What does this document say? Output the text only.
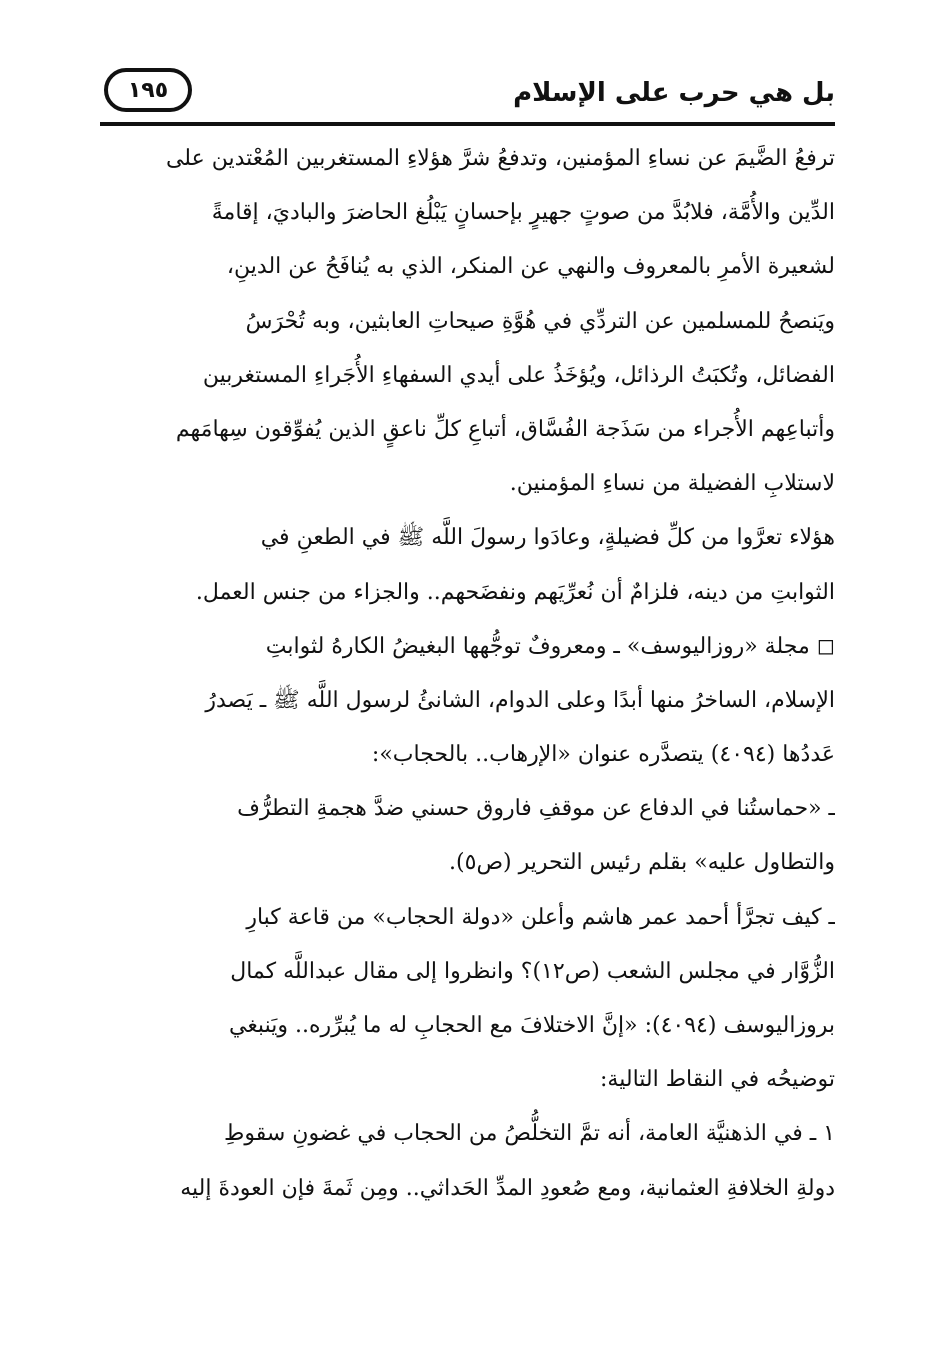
بل هي حرب على الإسلام
١٩٥
ترفعُ الضَّيمَ عن نساءِ المؤمنين، وتدفعُ شرَّ هؤلاءِ المستغربين المُعْتدين على
الدِّين والأُمَّة، فلابُدَّ من صوتٍ جهيرٍ بإحسانٍ يَبْلُغ الحاضرَ والباديَ، إقامةً
لشعيرة الأمرِ بالمعروف والنهي عن المنكر، الذي به يُنافَحُ عن الدينِ،
ويَنصحُ للمسلمين عن التردِّي في هُوَّةِ صيحاتِ العابثين، وبه تُحْرَسُ
الفضائل، وتُكبَتُ الرذائل، ويُؤخَذُ على أيدي السفهاءِ الأُجَراءِ المستغربين
وأتباعِهم الأُجراء من سَذَجة الفُسَّاق، أتباعِ كلِّ ناعقٍ الذين يُفوِّقون سِهامَهم
لاستلابِ الفضيلة من نساءِ المؤمنين.
هؤلاء تعرَّوا من كلِّ فضيلةٍ، وعادَوا رسولَ اللَّه ﷺ في الطعنِ في
الثوابتِ من دينه، فلزامٌ أن نُعرِّيَهم ونفضَحهم.. والجزاء من جنس العمل.
◻ مجلة «روزاليوسف» ـ ومعروفٌ توجُّهها البغيضُ الكارهُ لثوابتِ
الإسلام، الساخرُ منها أبدًا وعلى الدوام، الشانئُ لرسول اللَّه ﷺ ـ يَصدرُ
عَددُها (٤٠٩٤) يتصدَّره عنوان «الإرهاب.. بالحجاب»:
ـ «حماستُنا في الدفاع عن موقفِ فاروق حسني ضدَّ هجمةِ التطرُّف
والتطاول عليه» بقلم رئيس التحرير (ص٥).
ـ كيف تجرَّأ أحمد عمر هاشم وأعلن «دولة الحجاب» من قاعة كبارِ
الزُّوَّار في مجلس الشعب (ص١٢)؟ وانظروا إلى مقال عبداللَّه كمال
بروزاليوسف (٤٠٩٤): «إنَّ الاختلافَ مع الحجابِ له ما يُبرِّره.. ويَنبغي
توضيحُه في النقاط التالية:
١ ـ في الذهنيَّة العامة، أنه تمَّ التخلُّصُ من الحجاب في غضونِ سقوطِ
دولةِ الخلافةِ العثمانية، ومع صُعودِ المدِّ الحَداثي.. ومِن ثَمةَ فإن العودةَ إليه
